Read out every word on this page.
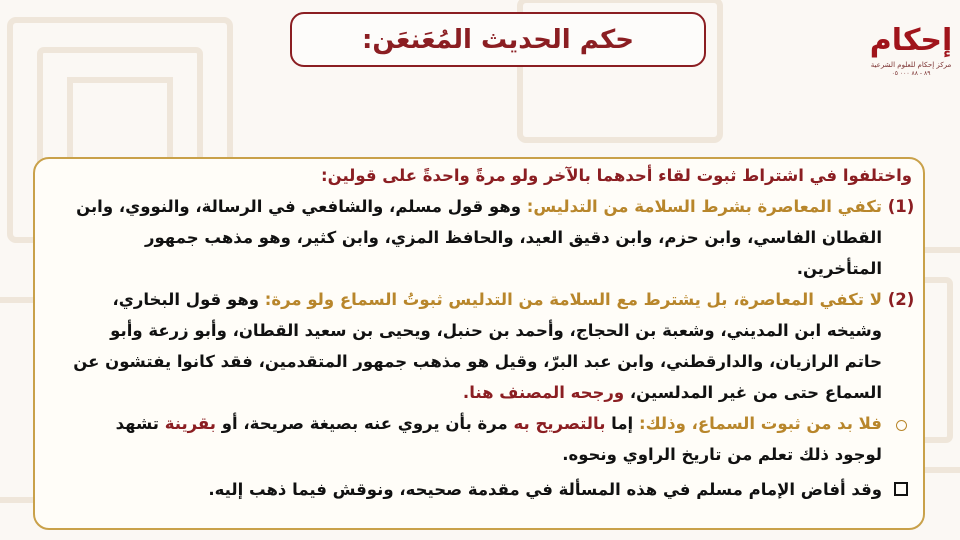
حكم الحديث المُعَنعَن:	إحكام
مركز إحكام للعلوم الشرعية
٨٩ - ٨٨ ٠٠٠ ٠٥
واختلفوا في اشتراط ثبوت لقاء أحدهما بالآخر ولو مرةً واحدةً على قولين:
(1)
تكفي المعاصرة بشرط السلامة من التدليس: وهو قول مسلم، والشافعي في الرسالة، والنووي، وابن القطان الفاسي، وابن حزم، وابن دقيق العيد، والحافظ المزي، وابن كثير، وهو مذهب جمهور المتأخرين.
(2)
لا تكفي المعاصرة، بل يشترط مع السلامة من التدليس ثبوتُ السماع ولو مرة: وهو قول البخاري، وشيخه ابن المديني، وشعبة بن الحجاج، وأحمد بن حنبل، ويحيى بن سعيد القطان، وأبو زرعة وأبو حاتم الرازيان، والدارقطني، وابن عبد البرّ، وقيل هو مذهب جمهور المتقدمين، فقد كانوا يفتشون عن السماع حتى من غير المدلسين، ورجحه المصنف هنا.
فلا بد من ثبوت السماع، وذلك: إما بالتصريح به مرة بأن يروي عنه بصيغة صريحة، أو بقرينة تشهد لوجود ذلك تعلم من تاريخ الراوي ونحوه.
وقد أفاض الإمام مسلم في هذه المسألة في مقدمة صحيحه، ونوقش فيما ذهب إليه.
